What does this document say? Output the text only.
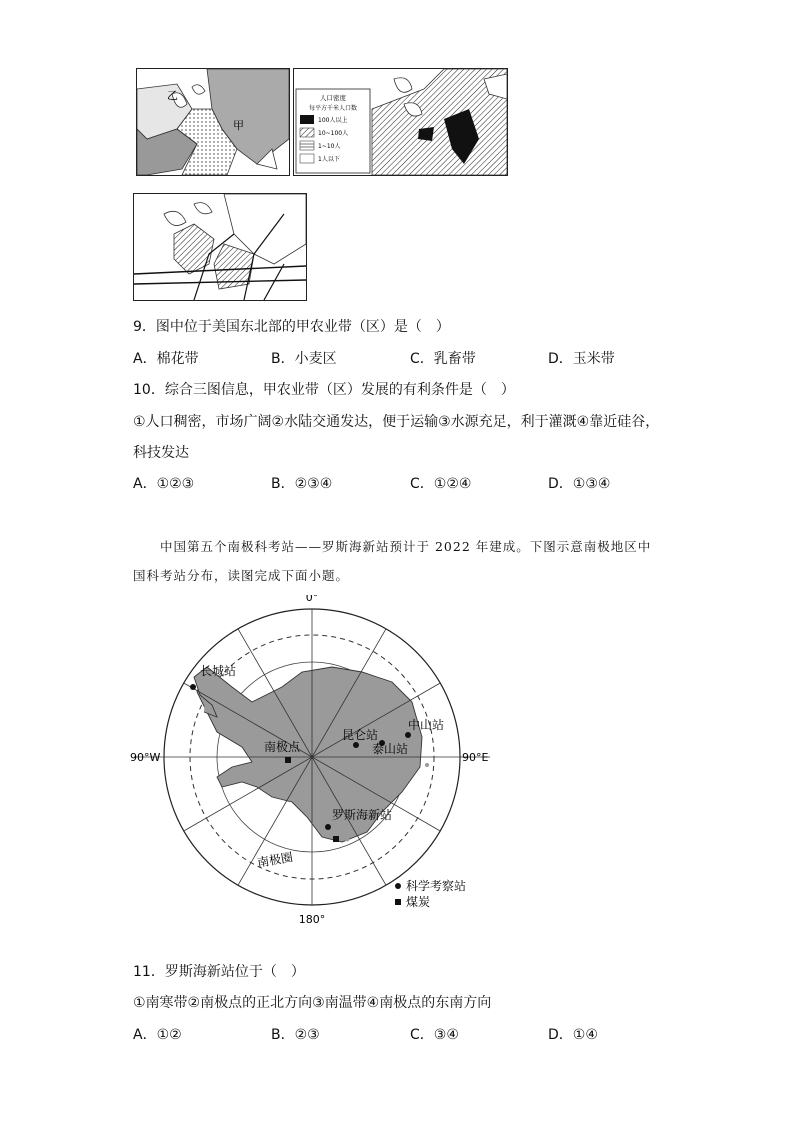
乙
甲
人口密度
每平方千米人口数
100人以上
10~100人
1~10人
1人以下
9．图中位于美国东北部的甲农业带（区）是（　）
A．棉花带	B．小麦区	C．乳畜带	D．玉米带
10．综合三图信息，甲农业带（区）发展的有利条件是（　）
①人口稠密，市场广阔②水陆交通发达，便于运输③水源充足，利于灌溉④靠近硅谷，
科技发达
A．①②③	B．②③④	C．①②④	D．①③④
中国第五个南极科考站——罗斯海新站预计于 2022 年建成。下图示意南极地区中
国科考站分布，读图完成下面小题。
0°
180°
90°W	90°E
长城站
昆仑站
中山站
泰山站
罗斯海新站
南极点
南极圈
科学考察站
煤炭
11．罗斯海新站位于（　）
①南寒带②南极点的正北方向③南温带④南极点的东南方向
A．①②	B．②③	C．③④	D．①④
